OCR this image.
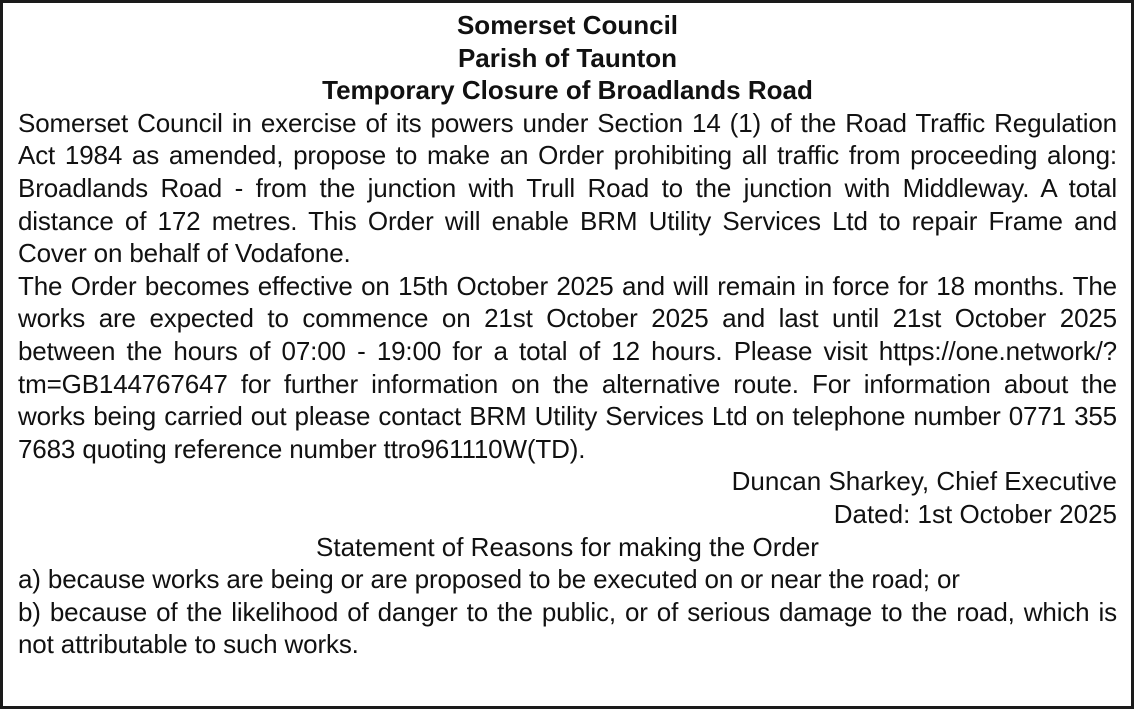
Somerset Council

Parish of Taunton

Temporary Closure of Broadlands Road

Somerset Council in exercise of its powers under Section 14 (1) of the Road Traffic Regulation Act 1984 as amended, propose to make an Order prohibiting all traffic from proceeding along: Broadlands Road - from the junction with Trull Road to the junction with Middleway. A total distance of 172 metres. This Order will enable BRM Utility Services Ltd to repair Frame and Cover on behalf of Vodafone.

The Order becomes effective on 15th October 2025 and will remain in force for 18 months. The works are expected to commence on 21st October 2025 and last until 21st October 2025 between the hours of 07:00 - 19:00 for a total of 12 hours. Please visit https://one.network/?tm=GB144767647 for further information on the alternative route. For information about the works being carried out please contact BRM Utility Services Ltd on telephone number 0771 355 7683 quoting reference number ttro961110W(TD).

Duncan Sharkey, Chief Executive

Dated: 1st October 2025

Statement of Reasons for making the Order

a) because works are being or are proposed to be executed on or near the road; or

b) because of the likelihood of danger to the public, or of serious damage to the road, which is not attributable to such works.
